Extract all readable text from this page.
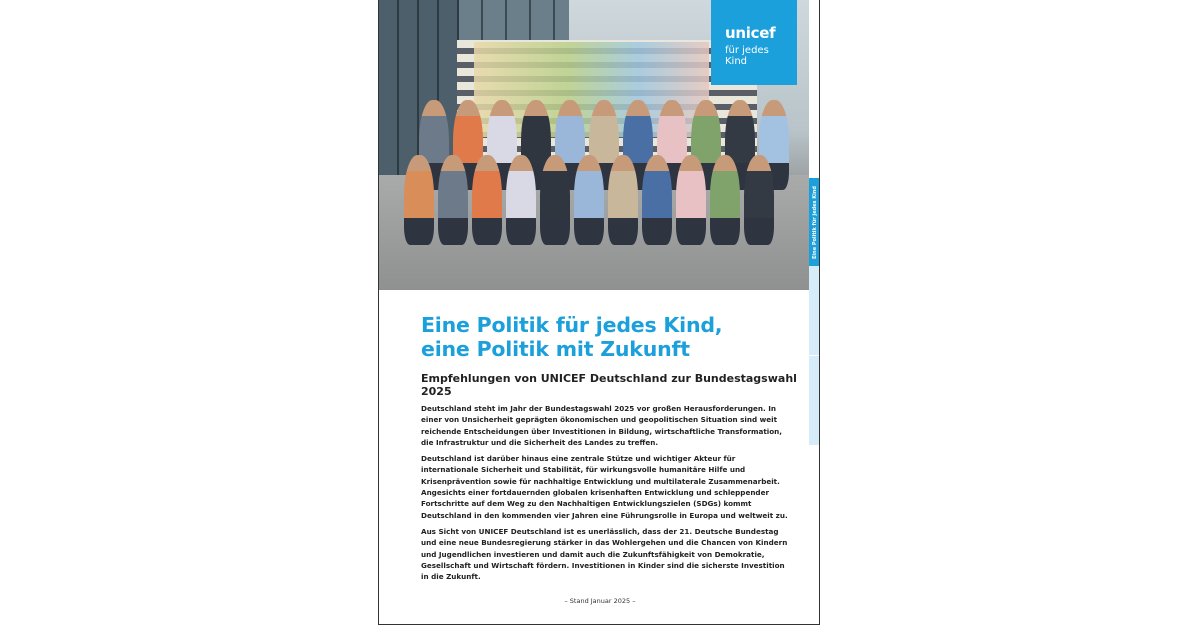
unicef
für jedes Kind
Eine Politik für jedes Kind
Eine Politik für jedes Kind,
eine Politik mit Zukunft
Empfehlungen von UNICEF Deutschland zur Bundestagswahl 2025

Deutschland steht im Jahr der Bundestagswahl 2025 vor großen Herausforderungen. In einer von Unsicherheit geprägten ökonomischen und geopolitischen Situation sind weit reichende Entscheidungen über Investitionen in Bildung, wirtschaftliche Transformation, die Infrastruktur und die Sicherheit des Landes zu treffen.

Deutschland ist darüber hinaus eine zentrale Stütze und wichtiger Akteur für internationale Sicherheit und Stabilität, für wirkungsvolle humanitäre Hilfe und Krisenprävention sowie für nachhaltige Entwicklung und multilaterale Zusammenarbeit. Angesichts einer fortdauernden globalen krisenhaften Entwicklung und schleppender Fortschritte auf dem Weg zu den Nachhaltigen Entwicklungszielen (SDGs) kommt Deutschland in den kommenden vier Jahren eine Führungsrolle in Europa und weltweit zu.

Aus Sicht von UNICEF Deutschland ist es unerlässlich, dass der 21. Deutsche Bundestag und eine neue Bundesregierung stärker in das Wohlergehen und die Chancen von Kindern und Jugendlichen investieren und damit auch die Zukunftsfähigkeit von Demokratie, Gesellschaft und Wirtschaft fördern. Investitionen in Kinder sind die sicherste Investition in die Zukunft.

– Stand Januar 2025 –
